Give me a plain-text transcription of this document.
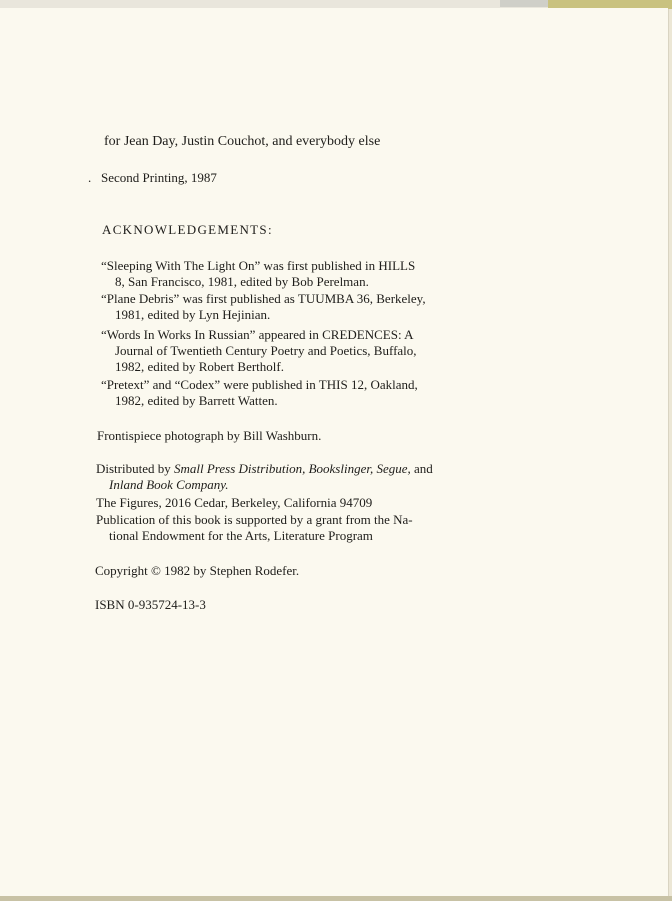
for Jean Day, Justin Couchot, and everybody else
. Second Printing, 1987
ACKNOWLEDGEMENTS:
“Sleeping With The Light On” was first published in HILLS
8, San Francisco, 1981, edited by Bob Perelman.
“Plane Debris” was first published as TUUMBA 36, Berkeley,
1981, edited by Lyn Hejinian.
“Words In Works In Russian” appeared in CREDENCES: A
Journal of Twentieth Century Poetry and Poetics, Buffalo,
1982, edited by Robert Bertholf.
“Pretext” and “Codex” were published in THIS 12, Oakland,
1982, edited by Barrett Watten.
Frontispiece photograph by Bill Washburn.
Distributed by Small Press Distribution, Bookslinger, Segue, and
Inland Book Company.
The Figures, 2016 Cedar, Berkeley, California 94709
Publication of this book is supported by a grant from the Na-
tional Endowment for the Arts, Literature Program
Copyright © 1982 by Stephen Rodefer.
ISBN 0-935724-13-3
